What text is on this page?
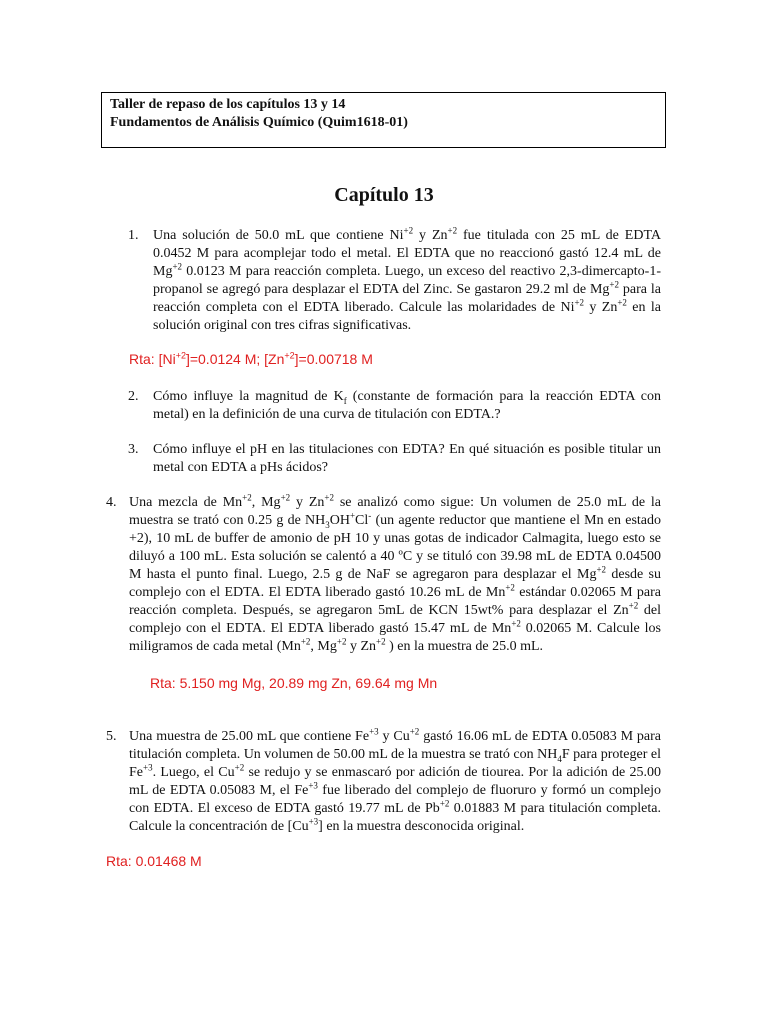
Taller de repaso de los capítulos 13 y 14
Fundamentos de Análisis Químico (Quim1618-01)
Capítulo 13
1. Una solución de 50.0 mL que contiene $Ni^{+2}$ y $Zn^{+2}$ fue titulada con 25 mL de EDTA 0.0452 M para acomplejar todo el metal. El EDTA que no reaccionó gastó 12.4 mL de $Mg^{+2}$ 0.0123 M para reacción completa. Luego, un exceso del reactivo 2,3-dimercapto-1-propanol se agregó para desplazar el EDTA del Zinc. Se gastaron 29.2 ml de $Mg^{+2}$ para la reacción completa con el EDTA liberado. Calcule las molaridades de $Ni^{+2}$ y $Zn^{+2}$ en la solución original con tres cifras significativas.
Rta: $[Ni^{+2}]=0.0124$ M; $[Zn^{+2}]=0.00718$ M
2. Cómo influye la magnitud de $K_f$ (constante de formación para la reacción EDTA con metal) en la definición de una curva de titulación con EDTA.?
3. Cómo influye el pH en las titulaciones con EDTA? En qué situación es posible titular un metal con EDTA a pHs ácidos?
4. Una mezcla de $Mn^{+2}$, $Mg^{+2}$ y $Zn^{+2}$ se analizó como sigue: Un volumen de 25.0 mL de la muestra se trató con 0.25 g de $NH_3OH^+Cl^-$ (un agente reductor que mantiene el Mn en estado +2), 10 mL de buffer de amonio de pH 10 y unas gotas de indicador Calmagita, luego esto se diluyó a 100 mL. Esta solución se calentó a 40 ºC y se tituló con 39.98 mL de EDTA 0.04500 M hasta el punto final. Luego, 2.5 g de NaF se agregaron para desplazar el $Mg^{+2}$ desde su complejo con el EDTA. El EDTA liberado gastó 10.26 mL de $Mn^{+2}$ estándar 0.02065 M para reacción completa. Después, se agregaron 5mL de KCN 15wt% para desplazar el $Zn^{+2}$ del complejo con el EDTA. El EDTA liberado gastó 15.47 mL de $Mn^{+2}$ 0.02065 M. Calcule los miligramos de cada metal ($Mn^{+2}$, $Mg^{+2}$ y $Zn^{+2}$ ) en la muestra de 25.0 mL.
Rta: 5.150 mg Mg, 20.89 mg Zn, 69.64 mg Mn
5. Una muestra de 25.00 mL que contiene $Fe^{+3}$ y $Cu^{+2}$ gastó 16.06 mL de EDTA 0.05083 M para titulación completa. Un volumen de 50.00 mL de la muestra se trató con $NH_4F$ para proteger el $Fe^{+3}$. Luego, el $Cu^{+2}$ se redujo y se enmascaró por adición de tiourea. Por la adición de 25.00 mL de EDTA 0.05083 M, el $Fe^{+3}$ fue liberado del complejo de fluoruro y formó un complejo con EDTA. El exceso de EDTA gastó 19.77 mL de $Pb^{+2}$ 0.01883 M para titulación completa. Calcule la concentración de $[Cu^{+3}]$ en la muestra desconocida original.
Rta: 0.01468 M
